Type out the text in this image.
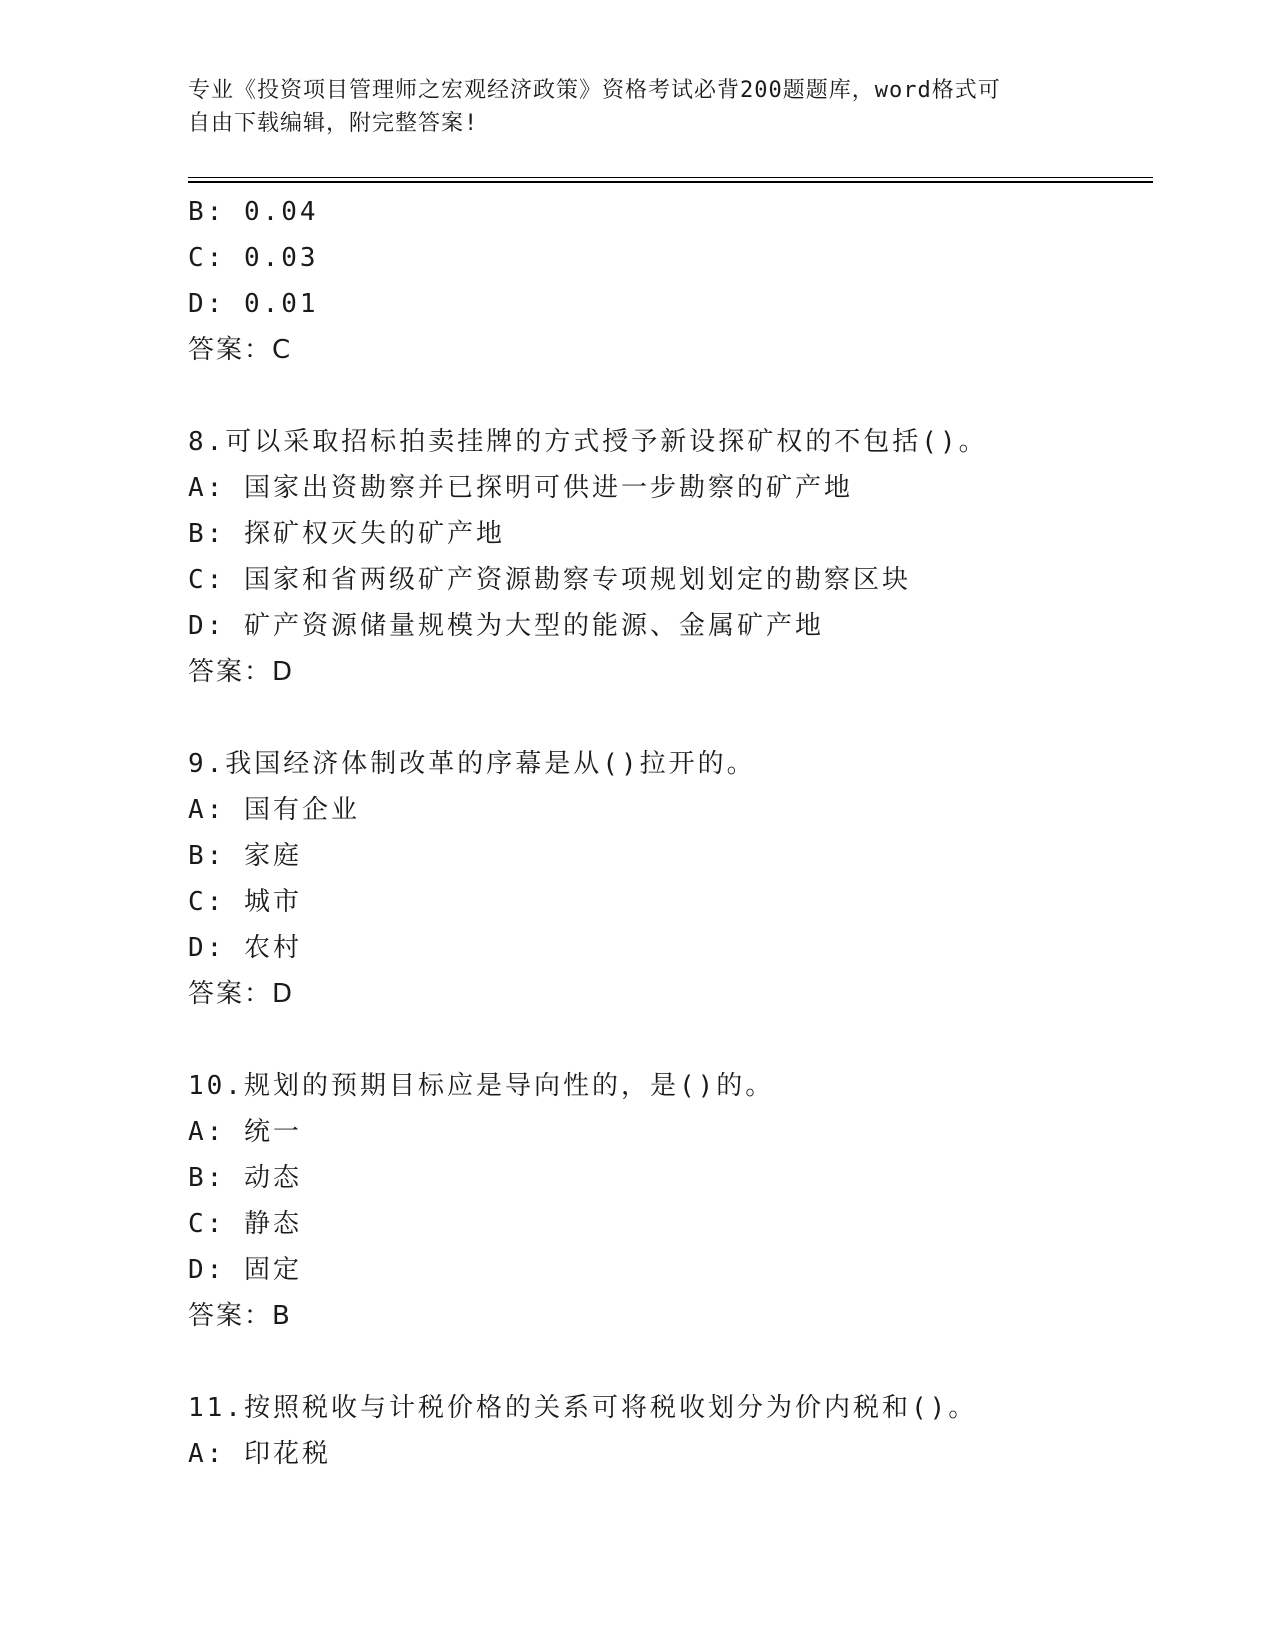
专业《投资项目管理师之宏观经济政策》资格考试必背200题题库，word格式可
自由下载编辑，附完整答案!
B: 0.04
C: 0.03
D: 0.01
答案：C
8.可以采取招标拍卖挂牌的方式授予新设探矿权的不包括()。
A: 国家出资勘察并已探明可供进一步勘察的矿产地
B: 探矿权灭失的矿产地
C: 国家和省两级矿产资源勘察专项规划划定的勘察区块
D: 矿产资源储量规模为大型的能源、金属矿产地
答案：D
9.我国经济体制改革的序幕是从()拉开的。
A: 国有企业
B: 家庭
C: 城市
D: 农村
答案：D
10.规划的预期目标应是导向性的，是()的。
A: 统一
B: 动态
C: 静态
D: 固定
答案：B
11.按照税收与计税价格的关系可将税收划分为价内税和()。
A: 印花税
